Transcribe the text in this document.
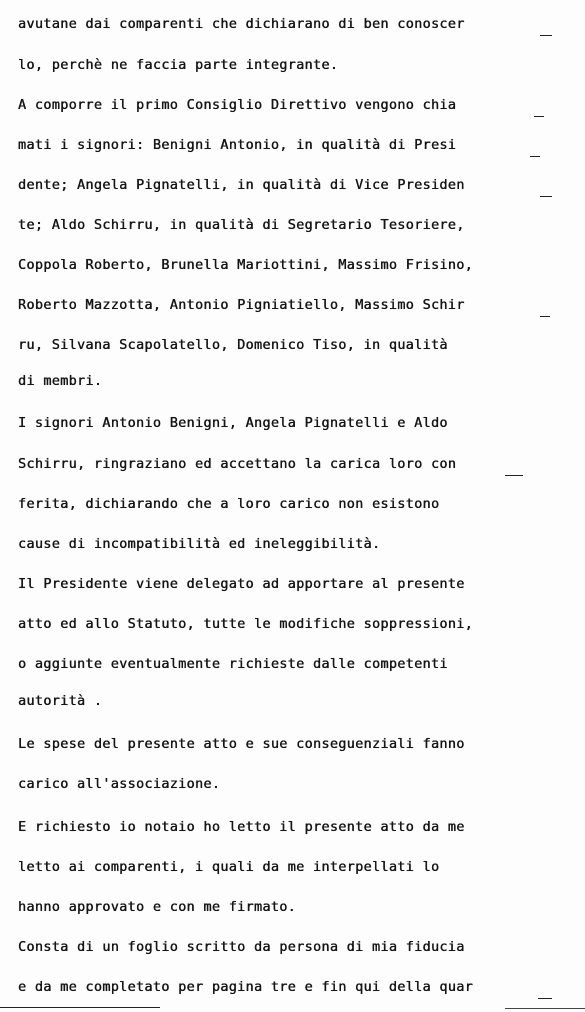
avutane dai comparenti che dichiarano di ben conoscer
lo, perchè ne faccia parte integrante.
A comporre il primo Consiglio Direttivo vengono chia
mati i signori: Benigni Antonio, in qualità di Presi
dente; Angela Pignatelli, in qualità di Vice Presiden
te; Aldo Schirru, in qualità di Segretario Tesoriere,
Coppola Roberto, Brunella Mariottini, Massimo Frisino,
Roberto Mazzotta, Antonio Pigniatiello, Massimo Schir
ru, Silvana Scapolatello, Domenico Tiso, in qualità
di membri.
I signori Antonio Benigni, Angela Pignatelli e Aldo
Schirru, ringraziano ed accettano la carica loro con
ferita, dichiarando che a loro carico non esistono
cause di incompatibilità ed ineleggibilità.
Il Presidente viene delegato ad apportare al presente
atto ed allo Statuto, tutte le modifiche soppressioni,
o aggiunte eventualmente richieste dalle competenti
autorità .
Le spese del presente atto e sue conseguenziali fanno
carico all'associazione.
E richiesto io notaio ho letto il presente atto da me
letto ai comparenti, i quali da me interpellati lo
hanno approvato e con me firmato.
Consta di un foglio scritto da persona di mia fiducia
e da me completato per pagina tre e fin qui della quar
